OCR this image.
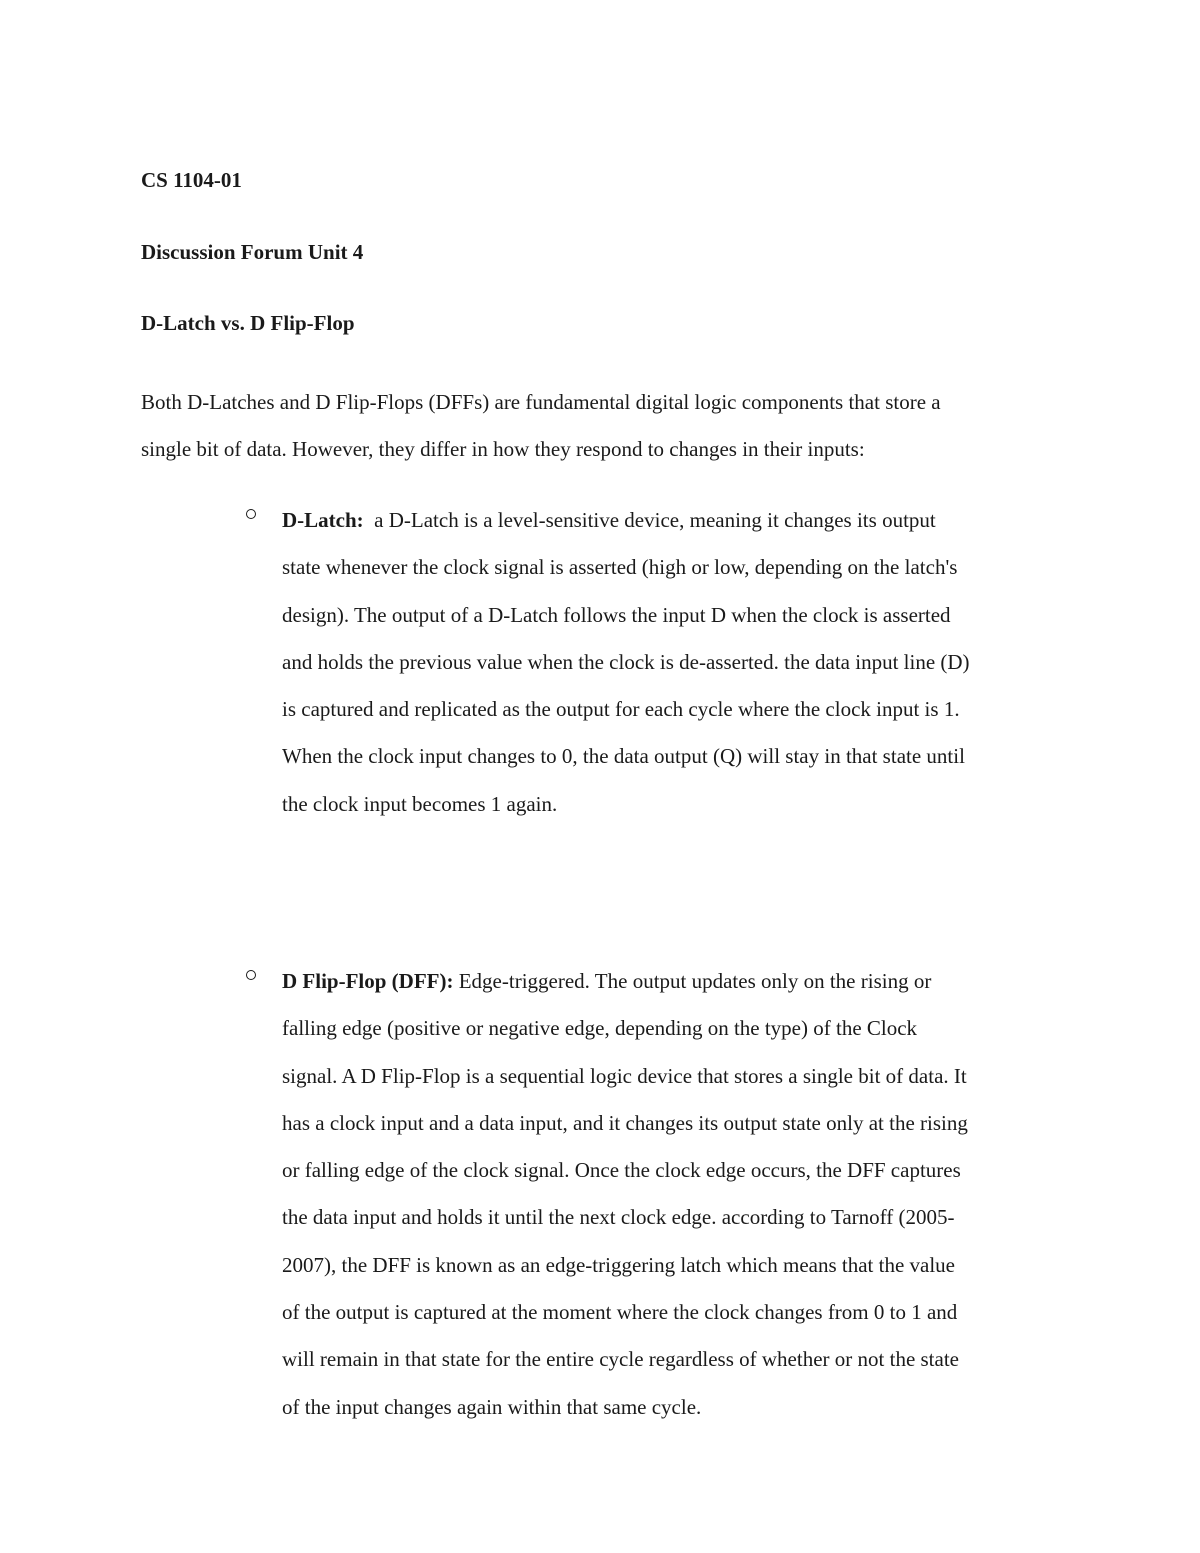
CS 1104-01
Discussion Forum Unit 4
D-Latch vs. D Flip-Flop
Both D-Latches and D Flip-Flops (DFFs) are fundamental digital logic components that store a
single bit of data. However, they differ in how they respond to changes in their inputs:
D-Latch:  a D-Latch is a level-sensitive device, meaning it changes its output
state whenever the clock signal is asserted (high or low, depending on the latch's
design). The output of a D-Latch follows the input D when the clock is asserted
and holds the previous value when the clock is de-asserted. the data input line (D)
is captured and replicated as the output for each cycle where the clock input is 1.
When the clock input changes to 0, the data output (Q) will stay in that state until
the clock input becomes 1 again.
D Flip-Flop (DFF): Edge-triggered. The output updates only on the rising or
falling edge (positive or negative edge, depending on the type) of the Clock
signal. A D Flip-Flop is a sequential logic device that stores a single bit of data. It
has a clock input and a data input, and it changes its output state only at the rising
or falling edge of the clock signal. Once the clock edge occurs, the DFF captures
the data input and holds it until the next clock edge. according to Tarnoff (2005-
2007), the DFF is known as an edge-triggering latch which means that the value
of the output is captured at the moment where the clock changes from 0 to 1 and
will remain in that state for the entire cycle regardless of whether or not the state
of the input changes again within that same cycle.
